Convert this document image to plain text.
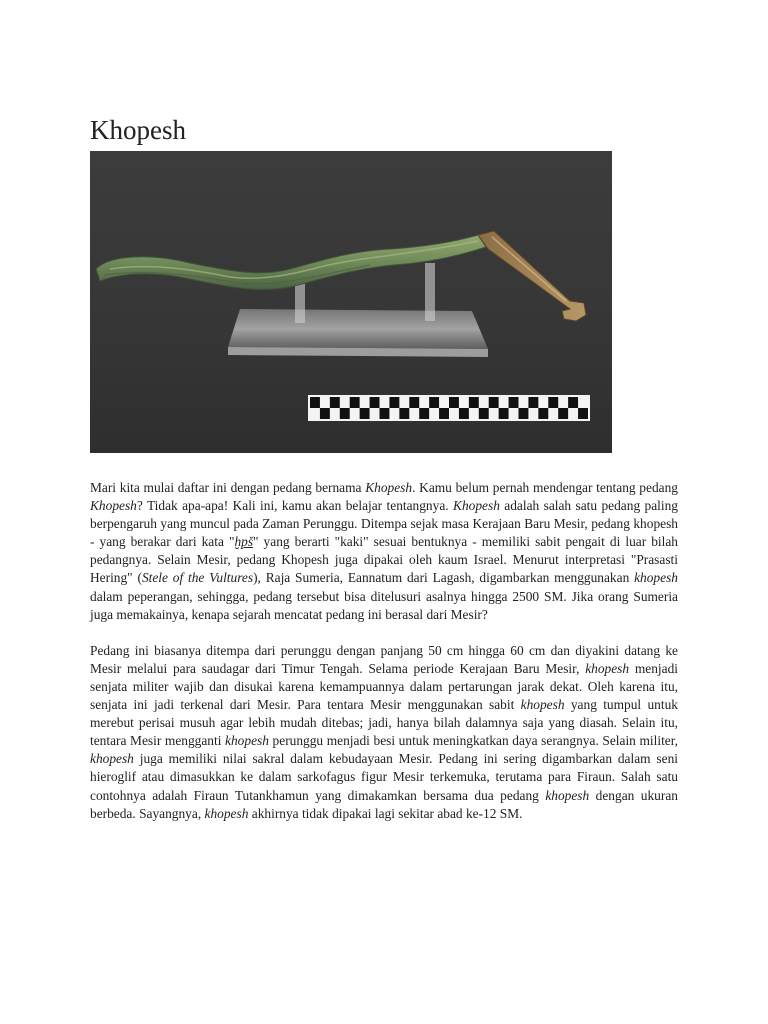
Khopesh

Mari kita mulai daftar ini dengan pedang bernama Khopesh. Kamu belum pernah mendengar tentang pedang Khopesh? Tidak apa-apa! Kali ini, kamu akan belajar tentangnya. Khopesh adalah salah satu pedang paling berpengaruh yang muncul pada Zaman Perunggu. Ditempa sejak masa Kerajaan Baru Mesir, pedang khopesh - yang berakar dari kata "ḫpš" yang berarti "kaki" sesuai bentuknya - memiliki sabit pengait di luar bilah pedangnya. Selain Mesir, pedang Khopesh juga dipakai oleh kaum Israel. Menurut interpretasi "Prasasti Hering" (Stele of the Vultures), Raja Sumeria, Eannatum dari Lagash, digambarkan menggunakan khopesh dalam peperangan, sehingga, pedang tersebut bisa ditelusuri asalnya hingga 2500 SM. Jika orang Sumeria juga memakainya, kenapa sejarah mencatat pedang ini berasal dari Mesir?

Pedang ini biasanya ditempa dari perunggu dengan panjang 50 cm hingga 60 cm dan diyakini datang ke Mesir melalui para saudagar dari Timur Tengah. Selama periode Kerajaan Baru Mesir, khopesh menjadi senjata militer wajib dan disukai karena kemampuannya dalam pertarungan jarak dekat. Oleh karena itu, senjata ini jadi terkenal dari Mesir. Para tentara Mesir menggunakan sabit khopesh yang tumpul untuk merebut perisai musuh agar lebih mudah ditebas; jadi, hanya bilah dalamnya saja yang diasah. Selain itu, tentara Mesir mengganti khopesh perunggu menjadi besi untuk meningkatkan daya serangnya. Selain militer, khopesh juga memiliki nilai sakral dalam kebudayaan Mesir. Pedang ini sering digambarkan dalam seni hieroglif atau dimasukkan ke dalam sarkofagus figur Mesir terkemuka, terutama para Firaun. Salah satu contohnya adalah Firaun Tutankhamun yang dimakamkan bersama dua pedang khopesh dengan ukuran berbeda. Sayangnya, khopesh akhirnya tidak dipakai lagi sekitar abad ke-12 SM.
